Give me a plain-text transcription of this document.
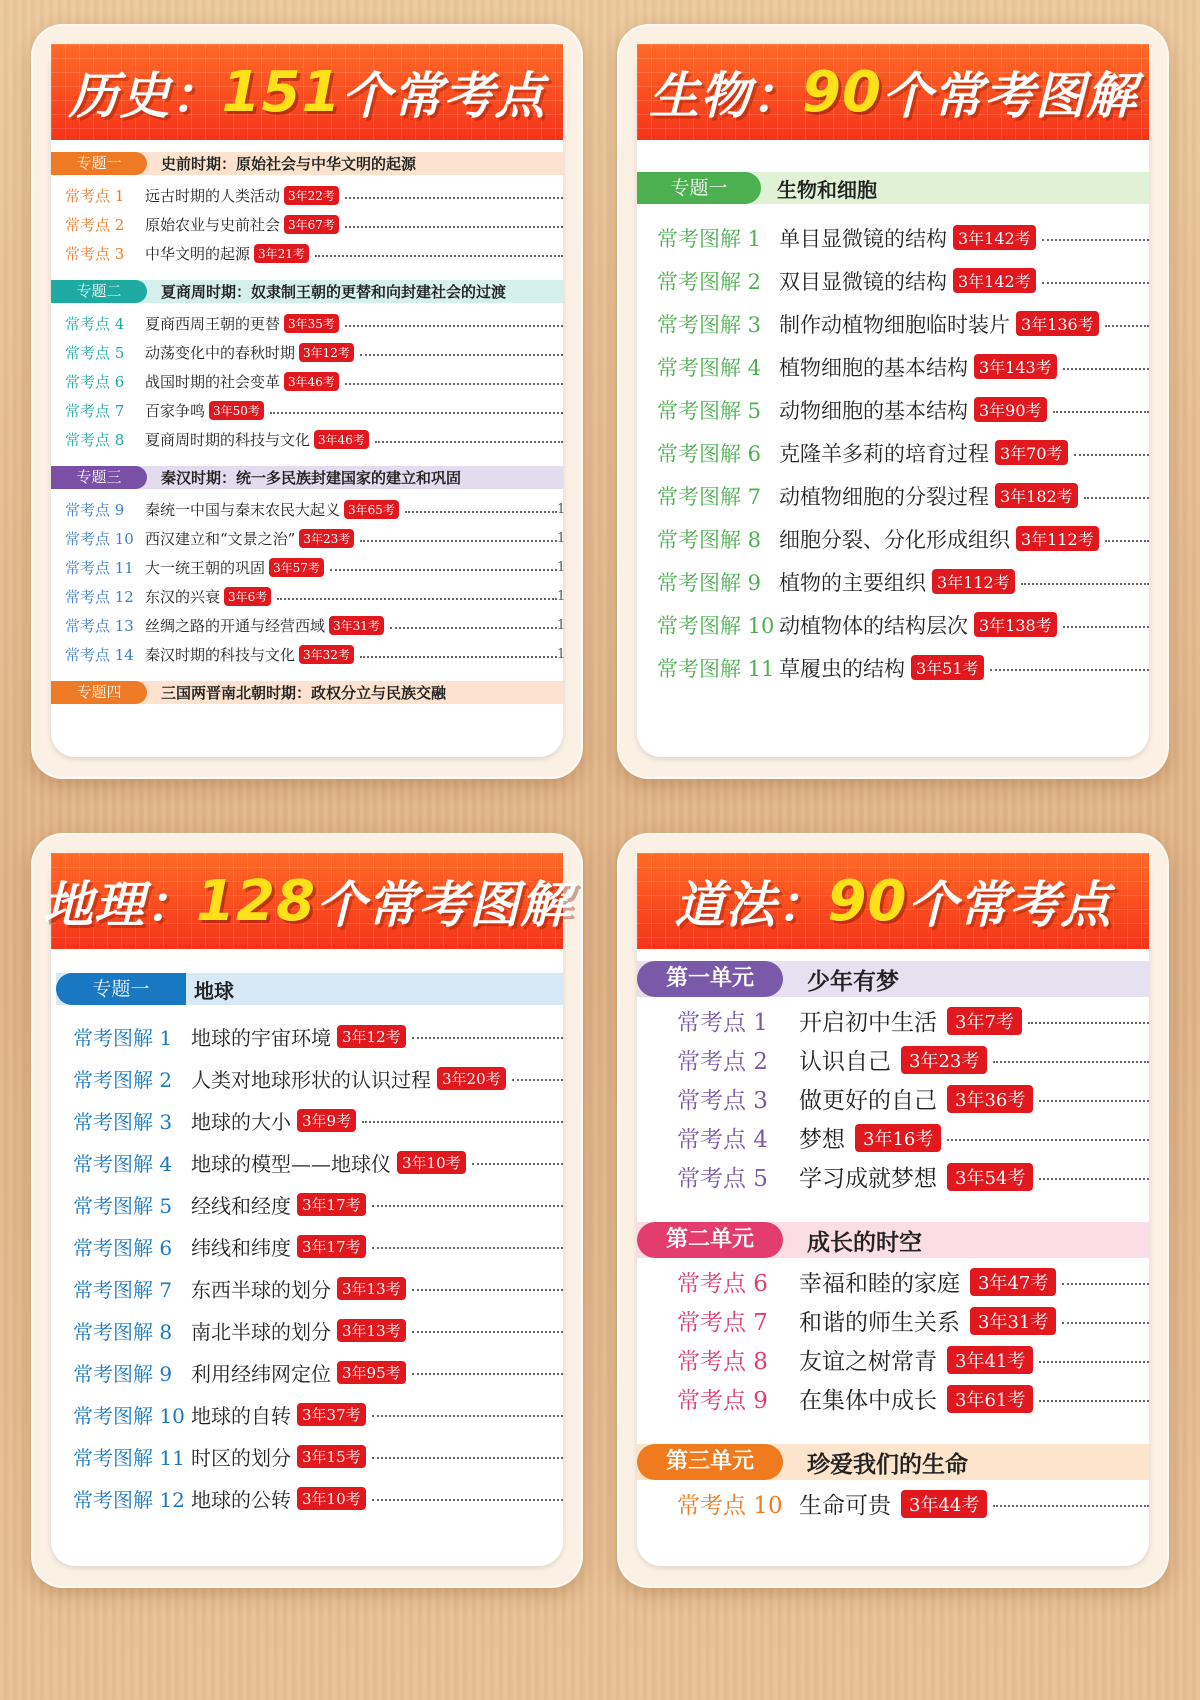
历史： 151 个常考点
专题一	史前时期：原始社会与中华文明的起源
常考点 1	远古时期的人类活动 3年22考
常考点 2	原始农业与史前社会 3年67考
常考点 3	中华文明的起源 3年21考
专题二	夏商周时期：奴隶制王朝的更替和向封建社会的过渡
常考点 4	夏商西周王朝的更替 3年35考
常考点 5	动荡变化中的春秋时期 3年12考
常考点 6	战国时期的社会变革 3年46考
常考点 7	百家争鸣 3年50考
常考点 8	夏商周时期的科技与文化 3年46考
专题三	秦汉时期：统一多民族封建国家的建立和巩固
常考点 9	秦统一中国与秦末农民大起义 3年65考	1
常考点 10 西汉建立和“文景之治” 3年23考	1
常考点 11 大一统王朝的巩固 3年57考	1
常考点 12 东汉的兴衰 3年6考	1
常考点 13 丝绸之路的开通与经营西域 3年31考	1
常考点 14 秦汉时期的科技与文化 3年32考	1
专题四	三国两晋南北朝时期：政权分立与民族交融
生物： 90 个常考图解
专题一	生物和细胞
常考图解 1 单目显微镜的结构 3年142考
常考图解 2 双目显微镜的结构 3年142考
常考图解 3 制作动植物细胞临时装片 3年136考
常考图解 4 植物细胞的基本结构 3年143考
常考图解 5 动物细胞的基本结构 3年90考
常考图解 6 克隆羊多莉的培育过程 3年70考
常考图解 7 动植物细胞的分裂过程 3年182考
常考图解 8 细胞分裂、分化形成组织 3年112考
常考图解 9 植物的主要组织 3年112考
常考图解 10 动植物体的结构层次 3年138考
常考图解 11 草履虫的结构 3年51考
地理： 128 个常考图解
专题一	地球
常考图解 1 地球的宇宙环境 3年12考
常考图解 2 人类对地球形状的认识过程 3年20考
常考图解 3 地球的大小 3年9考
常考图解 4 地球的模型——地球仪 3年10考
常考图解 5 经线和经度 3年17考
常考图解 6 纬线和纬度 3年17考
常考图解 7 东西半球的划分 3年13考
常考图解 8 南北半球的划分 3年13考
常考图解 9 利用经纬网定位 3年95考
常考图解 10 地球的自转 3年37考
常考图解 11 时区的划分 3年15考
常考图解 12 地球的公转 3年10考
道法： 90 个常考点
第一单元	少年有梦
常考点 1	开启初中生活	3年7考
常考点 2	认识自己	3年23考
常考点 3	做更好的自己	3年36考
常考点 4	梦想	3年16考
常考点 5	学习成就梦想	3年54考
第二单元	成长的时空
常考点 6	幸福和睦的家庭	3年47考
常考点 7	和谐的师生关系	3年31考
常考点 8	友谊之树常青	3年41考
常考点 9	在集体中成长	3年61考
第三单元	珍爱我们的生命
常考点 10 生命可贵	3年44考
